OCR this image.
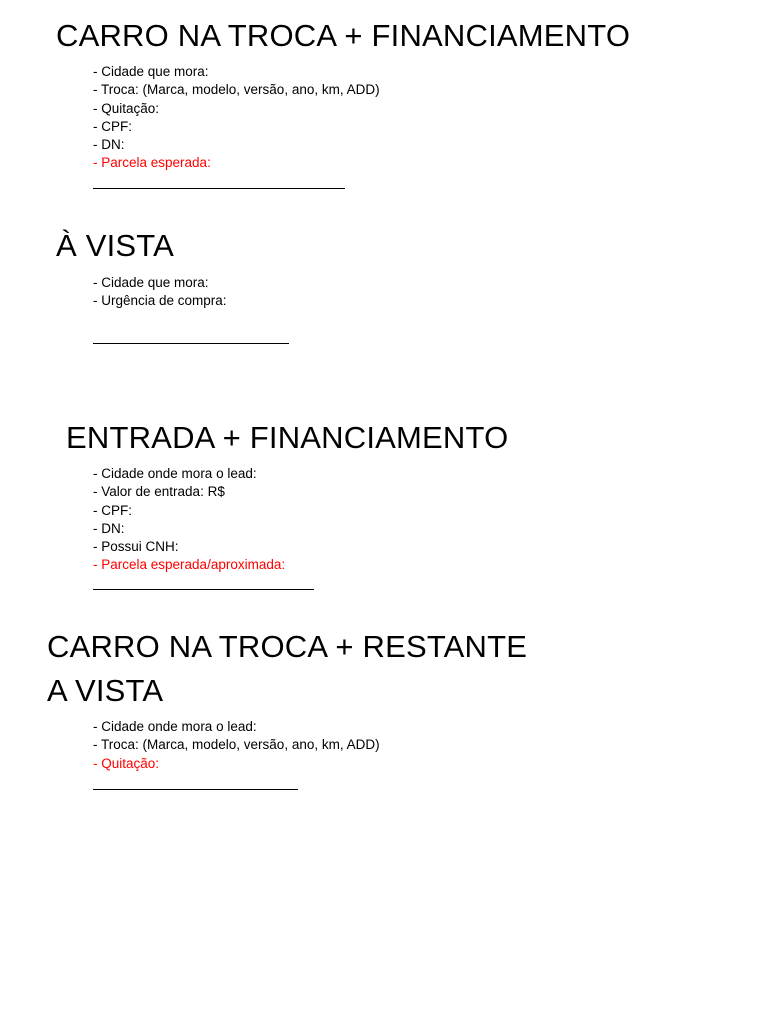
CARRO NA TROCA + FINANCIAMENTO
- Cidade que mora:
- Troca: (Marca, modelo, versão, ano, km, ADD)
- Quitação:
- CPF:
- DN:
- Parcela esperada:
À VISTA
- Cidade que mora:
- Urgência de compra:
ENTRADA + FINANCIAMENTO
- Cidade onde mora o lead:
- Valor de entrada: R$
- CPF:
- DN:
- Possui CNH:
- Parcela esperada/aproximada:
CARRO NA TROCA + RESTANTE
A VISTA
- Cidade onde mora o lead:
- Troca: (Marca, modelo, versão, ano, km, ADD)
- Quitação:
